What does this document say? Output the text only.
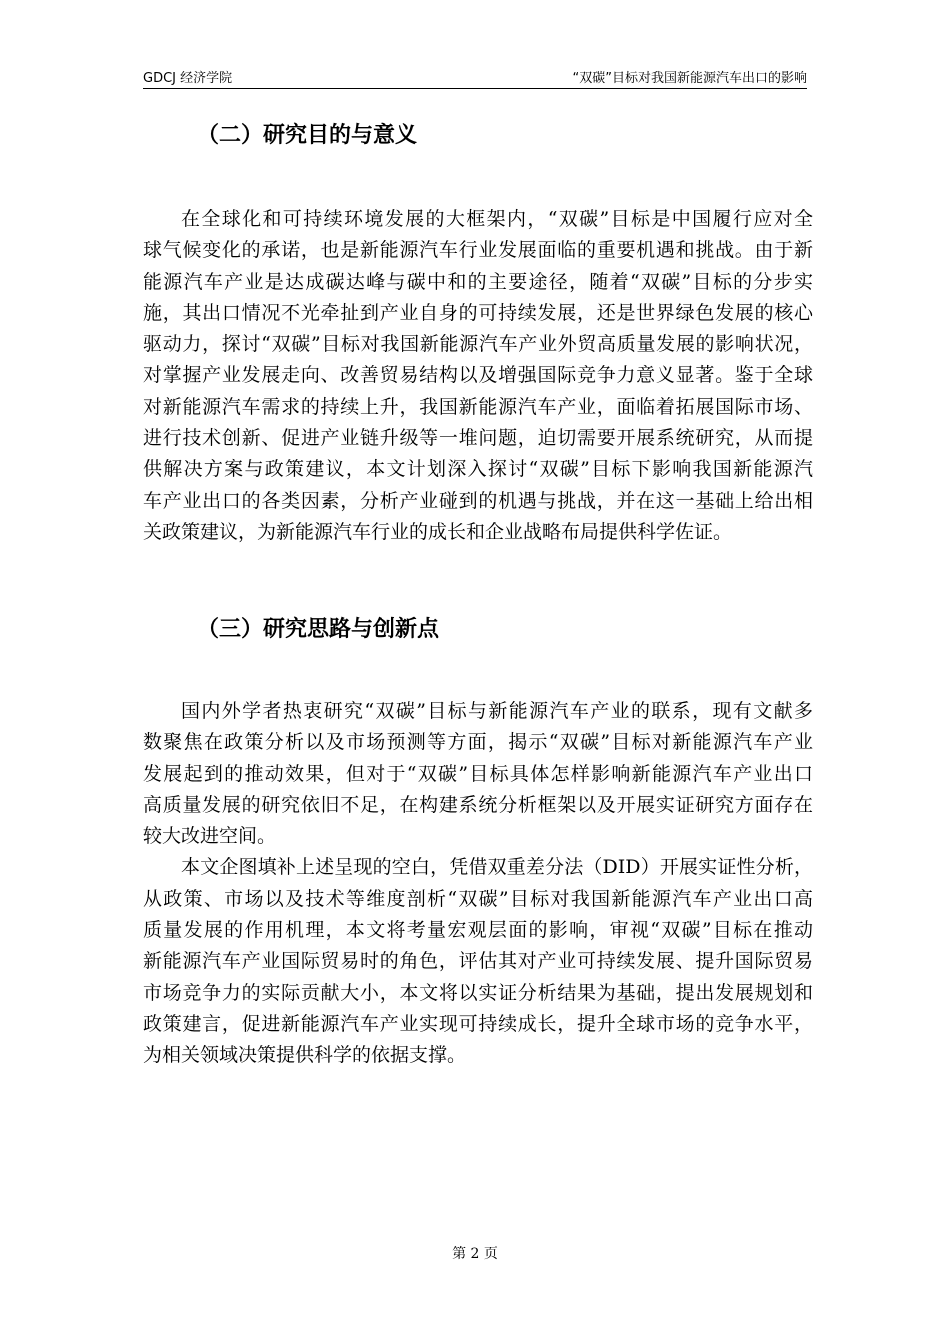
GDCJ 经济学院	“双碳”目标对我国新能源汽车出口的影响
（二）研究目的与意义
在全球化和可持续环境发展的大框架内，“双碳”目标是中国履行应对全
球气候变化的承诺，也是新能源汽车行业发展面临的重要机遇和挑战。由于新
能源汽车产业是达成碳达峰与碳中和的主要途径，随着“双碳”目标的分步实
施，其出口情况不光牵扯到产业自身的可持续发展，还是世界绿色发展的核心
驱动力，探讨“双碳”目标对我国新能源汽车产业外贸高质量发展的影响状况，
对掌握产业发展走向、改善贸易结构以及增强国际竞争力意义显著。鉴于全球
对新能源汽车需求的持续上升，我国新能源汽车产业，面临着拓展国际市场、
进行技术创新、促进产业链升级等一堆问题，迫切需要开展系统研究，从而提
供解决方案与政策建议，本文计划深入探讨“双碳”目标下影响我国新能源汽
车产业出口的各类因素，分析产业碰到的机遇与挑战，并在这一基础上给出相
关政策建议，为新能源汽车行业的成长和企业战略布局提供科学佐证。
（三）研究思路与创新点
国内外学者热衷研究“双碳”目标与新能源汽车产业的联系，现有文献多
数聚焦在政策分析以及市场预测等方面，揭示“双碳”目标对新能源汽车产业
发展起到的推动效果，但对于“双碳”目标具体怎样影响新能源汽车产业出口
高质量发展的研究依旧不足，在构建系统分析框架以及开展实证研究方面存在
较大改进空间。
本文企图填补上述呈现的空白，凭借双重差分法（DID）开展实证性分析，
从政策、市场以及技术等维度剖析“双碳”目标对我国新能源汽车产业出口高
质量发展的作用机理，本文将考量宏观层面的影响，审视“双碳”目标在推动
新能源汽车产业国际贸易时的角色，评估其对产业可持续发展、提升国际贸易
市场竞争力的实际贡献大小，本文将以实证分析结果为基础，提出发展规划和
政策建言，促进新能源汽车产业实现可持续成长，提升全球市场的竞争水平，
为相关领域决策提供科学的依据支撑。
第 2 页
